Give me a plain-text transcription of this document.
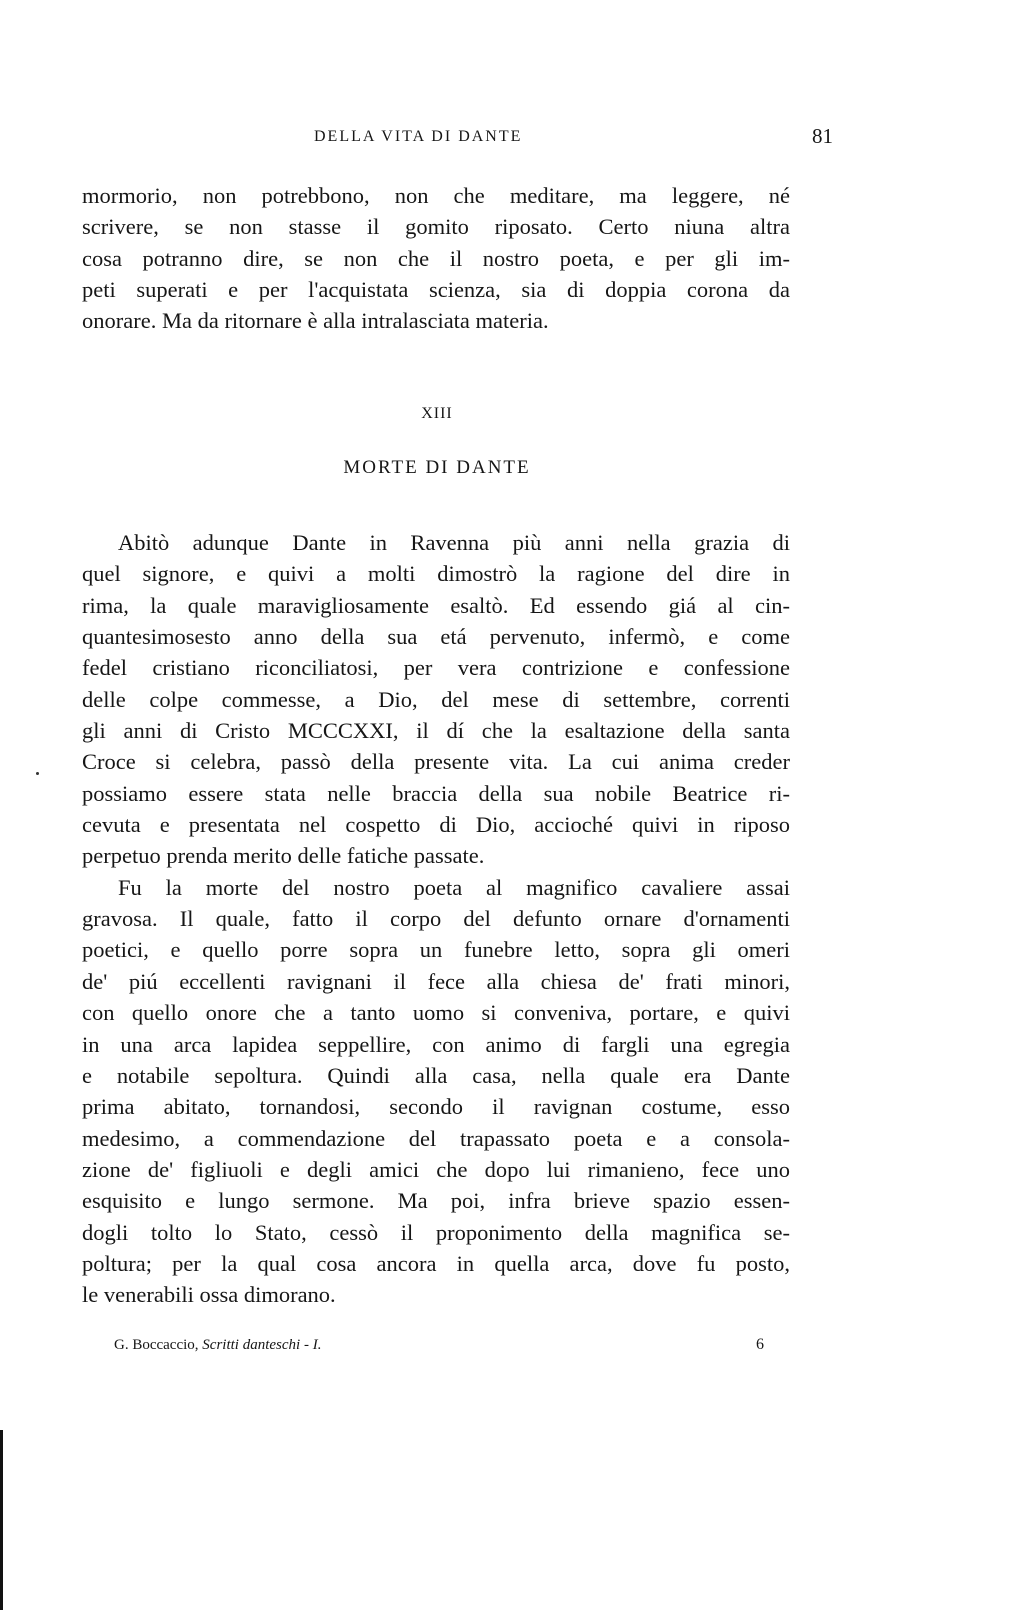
DELLA VITA DI DANTE	81
mormorio, non potrebbono, non che meditare, ma leggere, né
scrivere, se non stasse il gomito riposato. Certo niuna altra
cosa potranno dire, se non che il nostro poeta, e per gli im-
peti superati e per l'acquistata scienza, sia di doppia corona da
onorare. Ma da ritornare è alla intralasciata materia.
XIII
MORTE DI DANTE
Abitò adunque Dante in Ravenna più anni nella grazia di
quel signore, e quivi a molti dimostrò la ragione del dire in
rima, la quale maravigliosamente esaltò. Ed essendo giá al cin-
quantesimosesto anno della sua etá pervenuto, infermò, e come
fedel cristiano riconciliatosi, per vera contrizione e confessione
delle colpe commesse, a Dio, del mese di settembre, correnti
gli anni di Cristo MCCCXXI, il dí che la esaltazione della santa
Croce si celebra, passò della presente vita. La cui anima creder
possiamo essere stata nelle braccia della sua nobile Beatrice ri-
cevuta e presentata nel cospetto di Dio, accioché quivi in riposo
perpetuo prenda merito delle fatiche passate.
Fu la morte del nostro poeta al magnifico cavaliere assai
gravosa. Il quale, fatto il corpo del defunto ornare d'ornamenti
poetici, e quello porre sopra un funebre letto, sopra gli omeri
de' piú eccellenti ravignani il fece alla chiesa de' frati minori,
con quello onore che a tanto uomo si conveniva, portare, e quivi
in una arca lapidea seppellire, con animo di fargli una egregia
e notabile sepoltura. Quindi alla casa, nella quale era Dante
prima abitato, tornandosi, secondo il ravignan costume, esso
medesimo, a commendazione del trapassato poeta e a consola-
zione de' figliuoli e degli amici che dopo lui rimanieno, fece uno
esquisito e lungo sermone. Ma poi, infra brieve spazio essen-
dogli tolto lo Stato, cessò il proponimento della magnifica se-
poltura; per la qual cosa ancora in quella arca, dove fu posto,
le venerabili ossa dimorano.
G. Boccaccio, Scritti danteschi - I.	6
